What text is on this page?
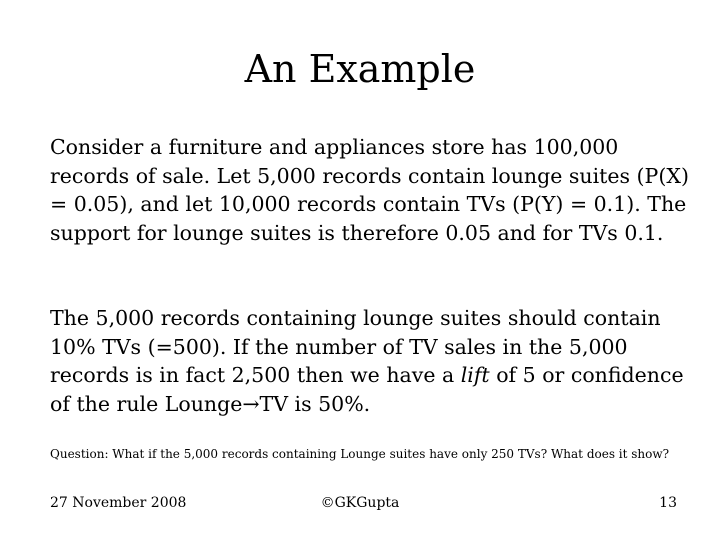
An Example

Consider a furniture and appliances store has 100,000 records of sale. Let 5,000 records contain lounge suites (P(X) = 0.05), and let 10,000 records contain TVs (P(Y) = 0.1). The support for lounge suites is therefore 0.05 and for TVs 0.1.

The 5,000 records containing lounge suites should contain 10% TVs (=500). If the number of TV sales in the 5,000 records is in fact 2,500 then we have a lift of 5 or confidence of the rule Lounge→TV is 50%.

Question: What if the 5,000 records containing Lounge suites have only 250 TVs? What does it show?

27 November 2008	©GKGupta	13
